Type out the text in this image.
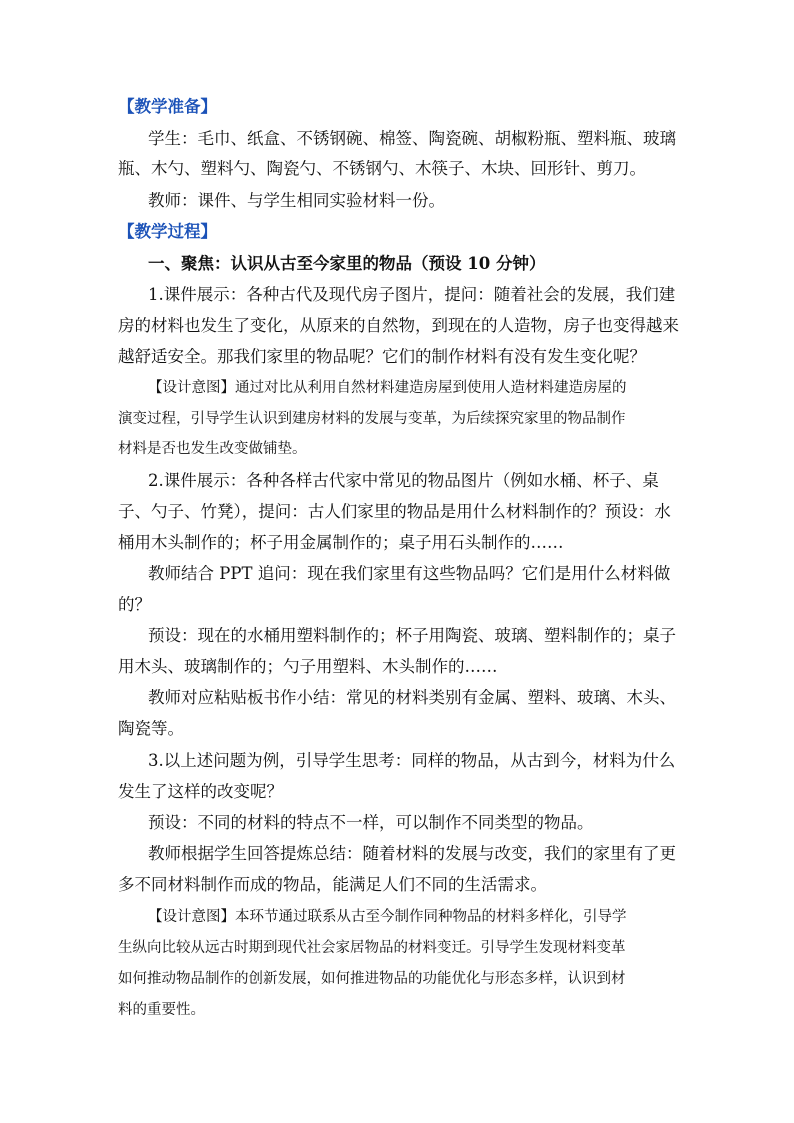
【教学准备】
学生：毛巾、纸盒、不锈钢碗、棉签、陶瓷碗、胡椒粉瓶、塑料瓶、玻璃
瓶、木勺、塑料勺、陶瓷勺、不锈钢勺、木筷子、木块、回形针、剪刀。
教师：课件、与学生相同实验材料一份。
【教学过程】
一、聚焦：认识从古至今家里的物品（预设 10 分钟）
1.课件展示：各种古代及现代房子图片，提问：随着社会的发展，我们建
房的材料也发生了变化，从原来的自然物，到现在的人造物，房子也变得越来
越舒适安全。那我们家里的物品呢？它们的制作材料有没有发生变化呢？
【设计意图】通过对比从利用自然材料建造房屋到使用人造材料建造房屋的
演变过程，引导学生认识到建房材料的发展与变革，为后续探究家里的物品制作
材料是否也发生改变做铺垫。
2.课件展示：各种各样古代家中常见的物品图片（例如水桶、杯子、桌
子、勺子、竹凳），提问：古人们家里的物品是用什么材料制作的？预设：水
桶用木头制作的；杯子用金属制作的；桌子用石头制作的……
教师结合 PPT 追问：现在我们家里有这些物品吗？它们是用什么材料做
的？
预设：现在的水桶用塑料制作的；杯子用陶瓷、玻璃、塑料制作的；桌子
用木头、玻璃制作的；勺子用塑料、木头制作的……
教师对应粘贴板书作小结：常见的材料类别有金属、塑料、玻璃、木头、
陶瓷等。
3.以上述问题为例，引导学生思考：同样的物品，从古到今，材料为什么
发生了这样的改变呢？
预设：不同的材料的特点不一样，可以制作不同类型的物品。
教师根据学生回答提炼总结：随着材料的发展与改变，我们的家里有了更
多不同材料制作而成的物品，能满足人们不同的生活需求。
【设计意图】本环节通过联系从古至今制作同种物品的材料多样化，引导学
生纵向比较从远古时期到现代社会家居物品的材料变迁。引导学生发现材料变革
如何推动物品制作的创新发展，如何推进物品的功能优化与形态多样，认识到材
料的重要性。
